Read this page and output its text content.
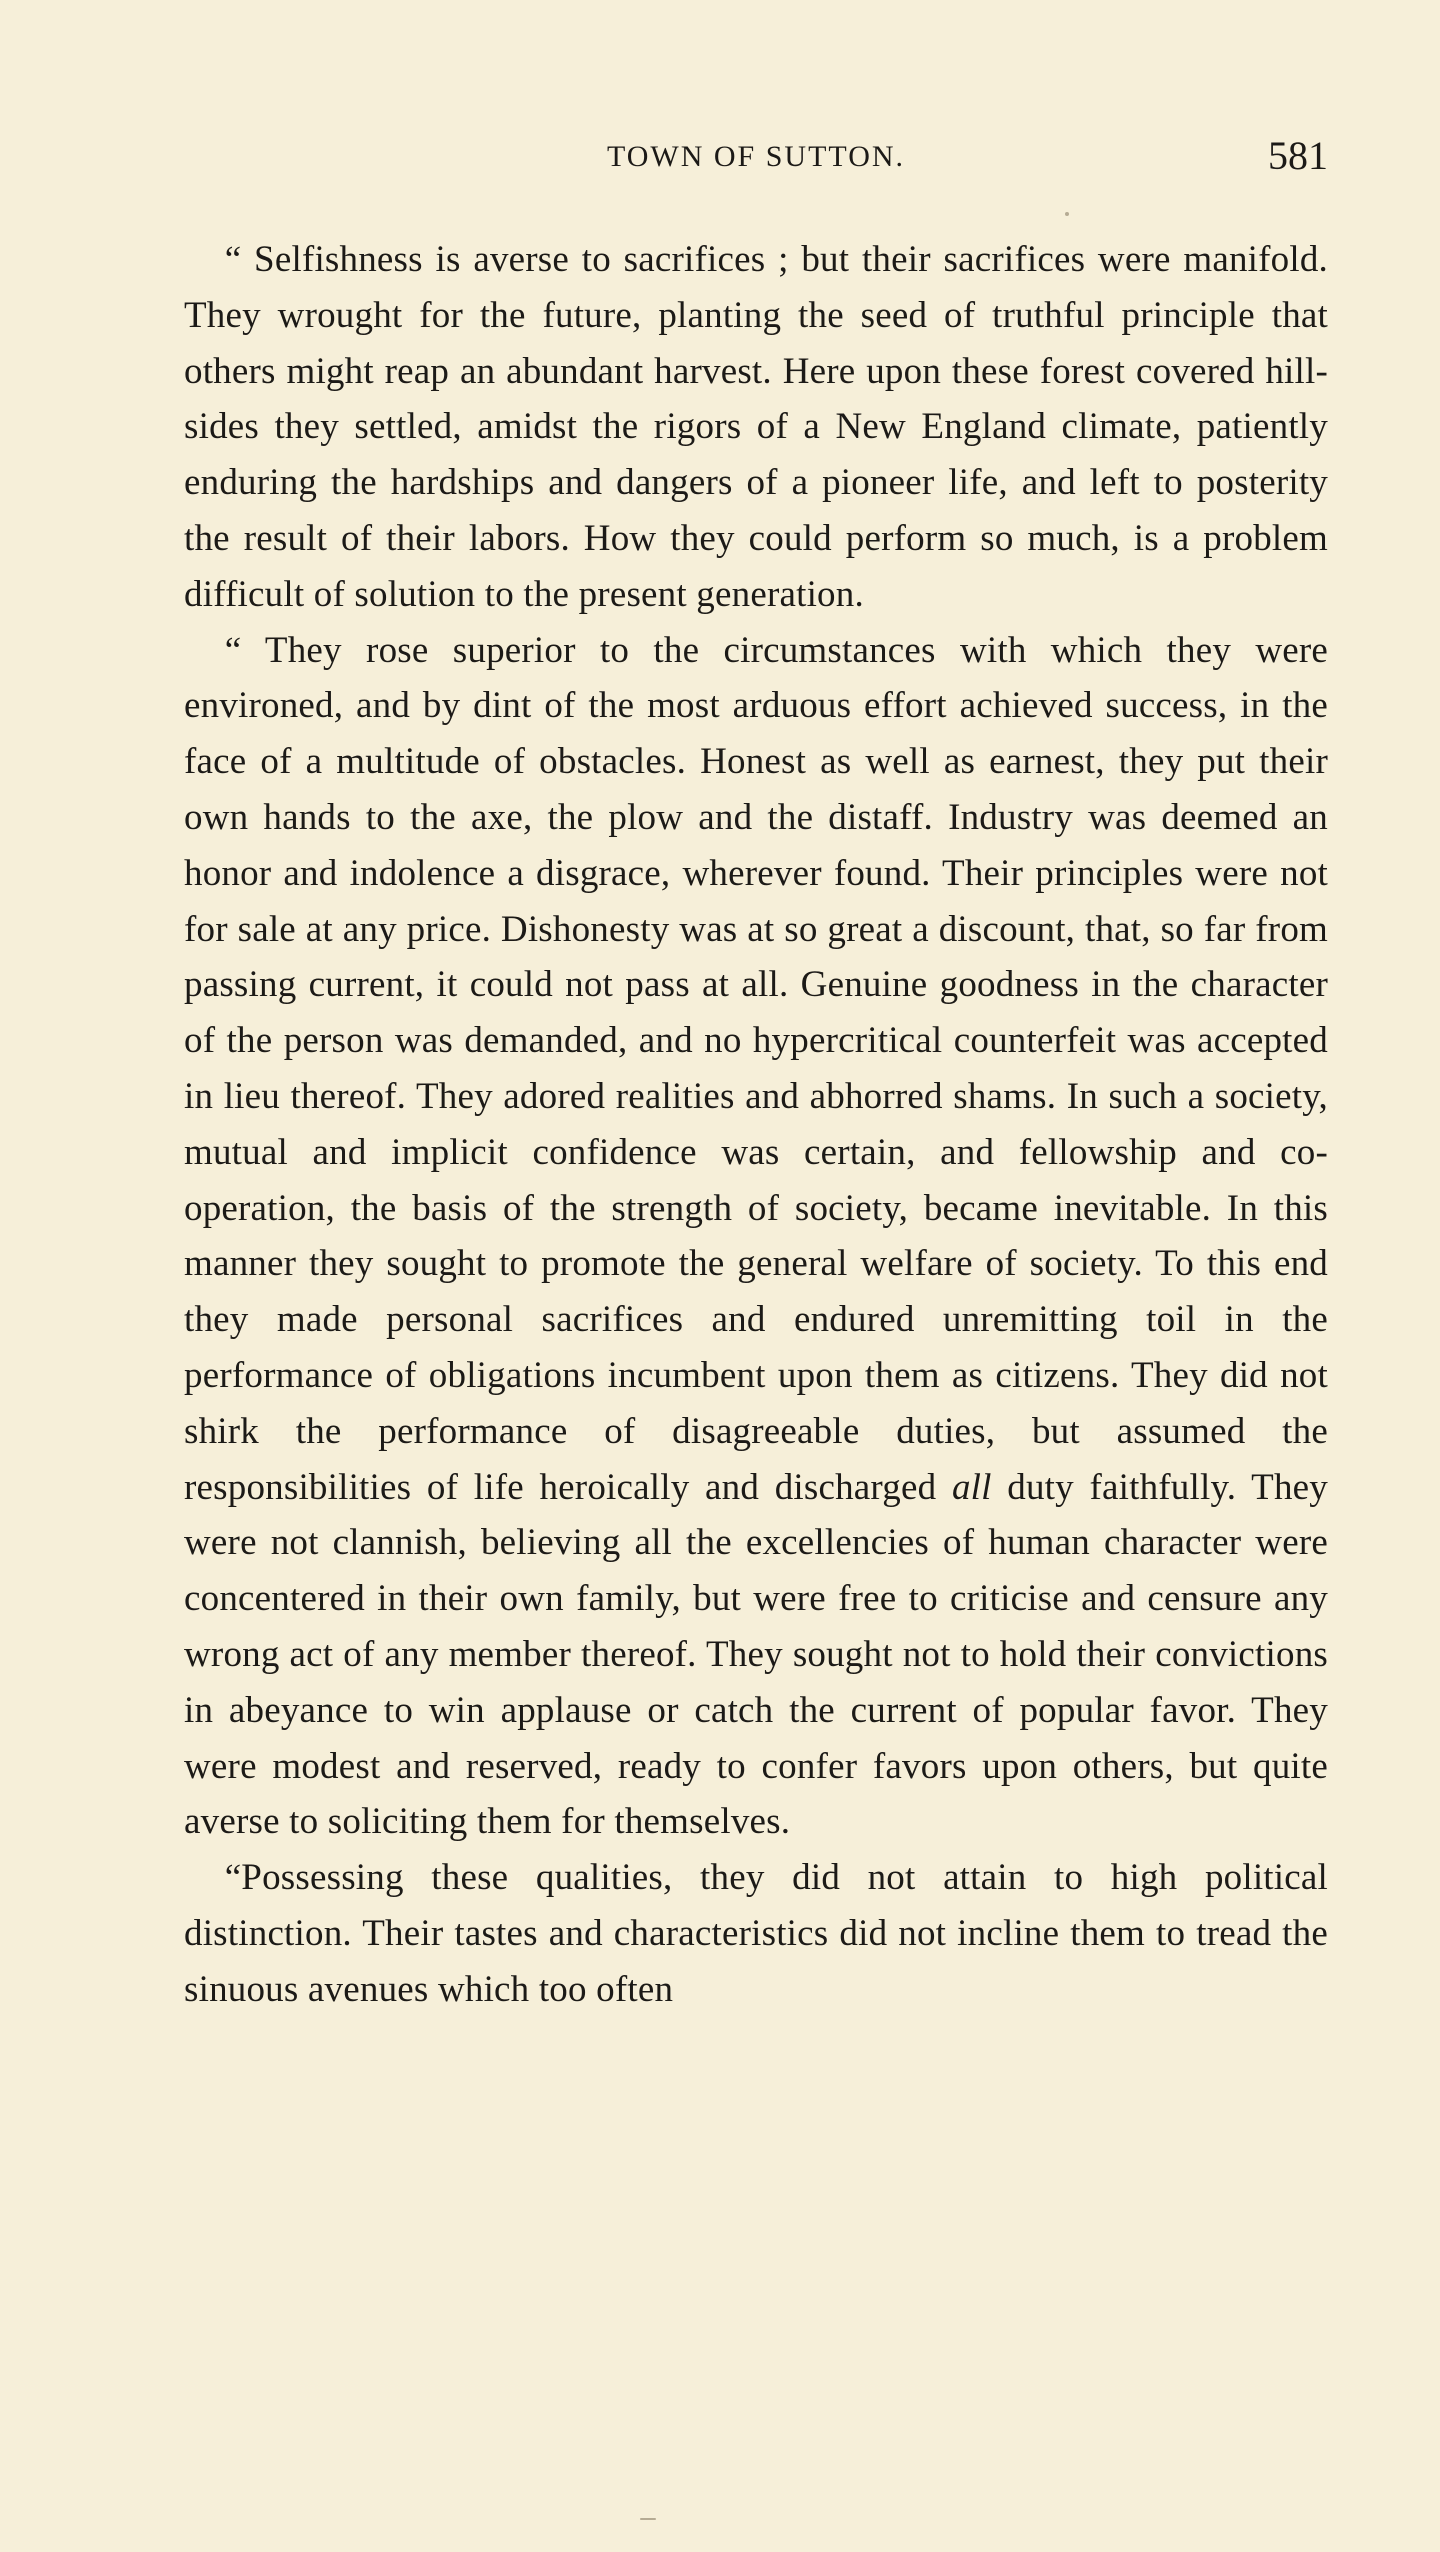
TOWN OF SUTTON.	581

“ Selfishness is averse to sacrifices ; but their sacrifices were manifold. They wrought for the future, planting the seed of truthful principle that others might reap an abundant harvest. Here upon these forest covered hill-sides they settled, amidst the rigors of a New England climate, patiently enduring the hardships and dangers of a pioneer life, and left to posterity the result of their labors. How they could perform so much, is a problem difficult of solution to the present generation.

“ They rose superior to the circumstances with which they were environed, and by dint of the most arduous effort achieved success, in the face of a multitude of obstacles. Honest as well as earnest, they put their own hands to the axe, the plow and the distaff. Industry was deemed an honor and indolence a disgrace, wherever found. Their principles were not for sale at any price. Dishonesty was at so great a discount, that, so far from passing current, it could not pass at all. Genuine goodness in the character of the person was demanded, and no hypercritical counterfeit was accepted in lieu thereof. They adored realities and abhorred shams. In such a society, mutual and implicit confidence was certain, and fellowship and co-operation, the basis of the strength of society, became inevitable. In this manner they sought to promote the general welfare of society. To this end they made personal sacrifices and endured unremitting toil in the performance of obligations incumbent upon them as citizens. They did not shirk the performance of disagreeable duties, but assumed the responsibilities of life heroically and discharged all duty faithfully. They were not clannish, believing all the excellencies of human character were concentered in their own family, but were free to criticise and censure any wrong act of any member thereof. They sought not to hold their convictions in abeyance to win applause or catch the current of popular favor. They were modest and reserved, ready to confer favors upon others, but quite averse to soliciting them for themselves.

“Possessing these qualities, they did not attain to high political distinction. Their tastes and characteristics did not incline them to tread the sinuous avenues which too often
